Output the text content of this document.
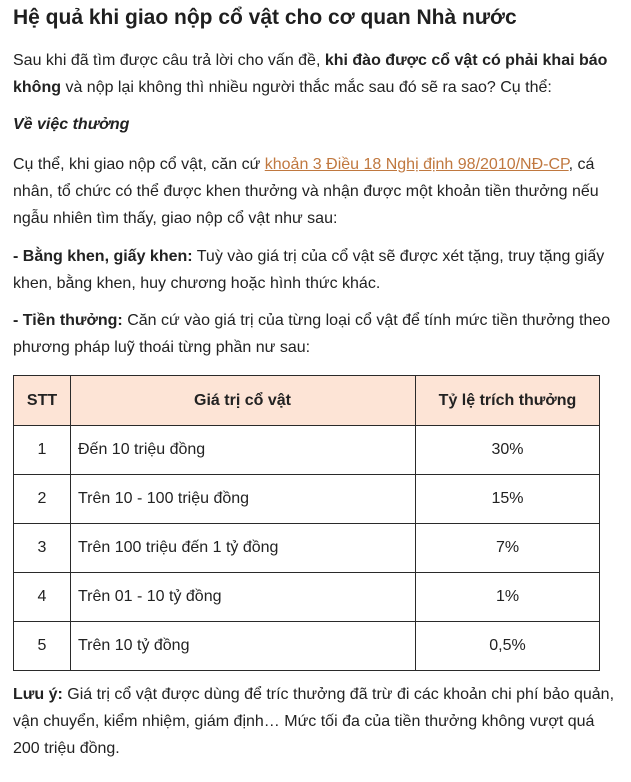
Hệ quả khi giao nộp cổ vật cho cơ quan Nhà nước

Sau khi đã tìm được câu trả lời cho vấn đề, khi đào được cổ vật có phải khai báo không và nộp lại không thì nhiều người thắc mắc sau đó sẽ ra sao? Cụ thể:

Về việc thưởng

Cụ thể, khi giao nộp cổ vật, căn cứ khoản 3 Điều 18 Nghị định 98/2010/NĐ-CP, cá nhân, tổ chức có thể được khen thưởng và nhận được một khoản tiền thưởng nếu ngẫu nhiên tìm thấy, giao nộp cổ vật như sau:

- Bằng khen, giấy khen: Tuỳ vào giá trị của cổ vật sẽ được xét tặng, truy tặng giấy khen, bằng khen, huy chương hoặc hình thức khác.

- Tiền thưởng: Căn cứ vào giá trị của từng loại cổ vật để tính mức tiền thưởng theo phương pháp luỹ thoái từng phần nư sau:

STT	Giá trị cổ vật	Tỷ lệ trích thưởng
1	Đến 10 triệu đồng	30%
2	Trên 10 - 100 triệu đồng	15%
3	Trên 100 triệu đến 1 tỷ đồng	7%
4	Trên 01 - 10 tỷ đồng	1%
5	Trên 10 tỷ đồng	0,5%

Lưu ý: Giá trị cổ vật được dùng để tríc thưởng đã trừ đi các khoản chi phí bảo quản, vận chuyển, kiểm nhiệm, giám định… Mức tối đa của tiền thưởng không vượt quá 200 triệu đồng.
